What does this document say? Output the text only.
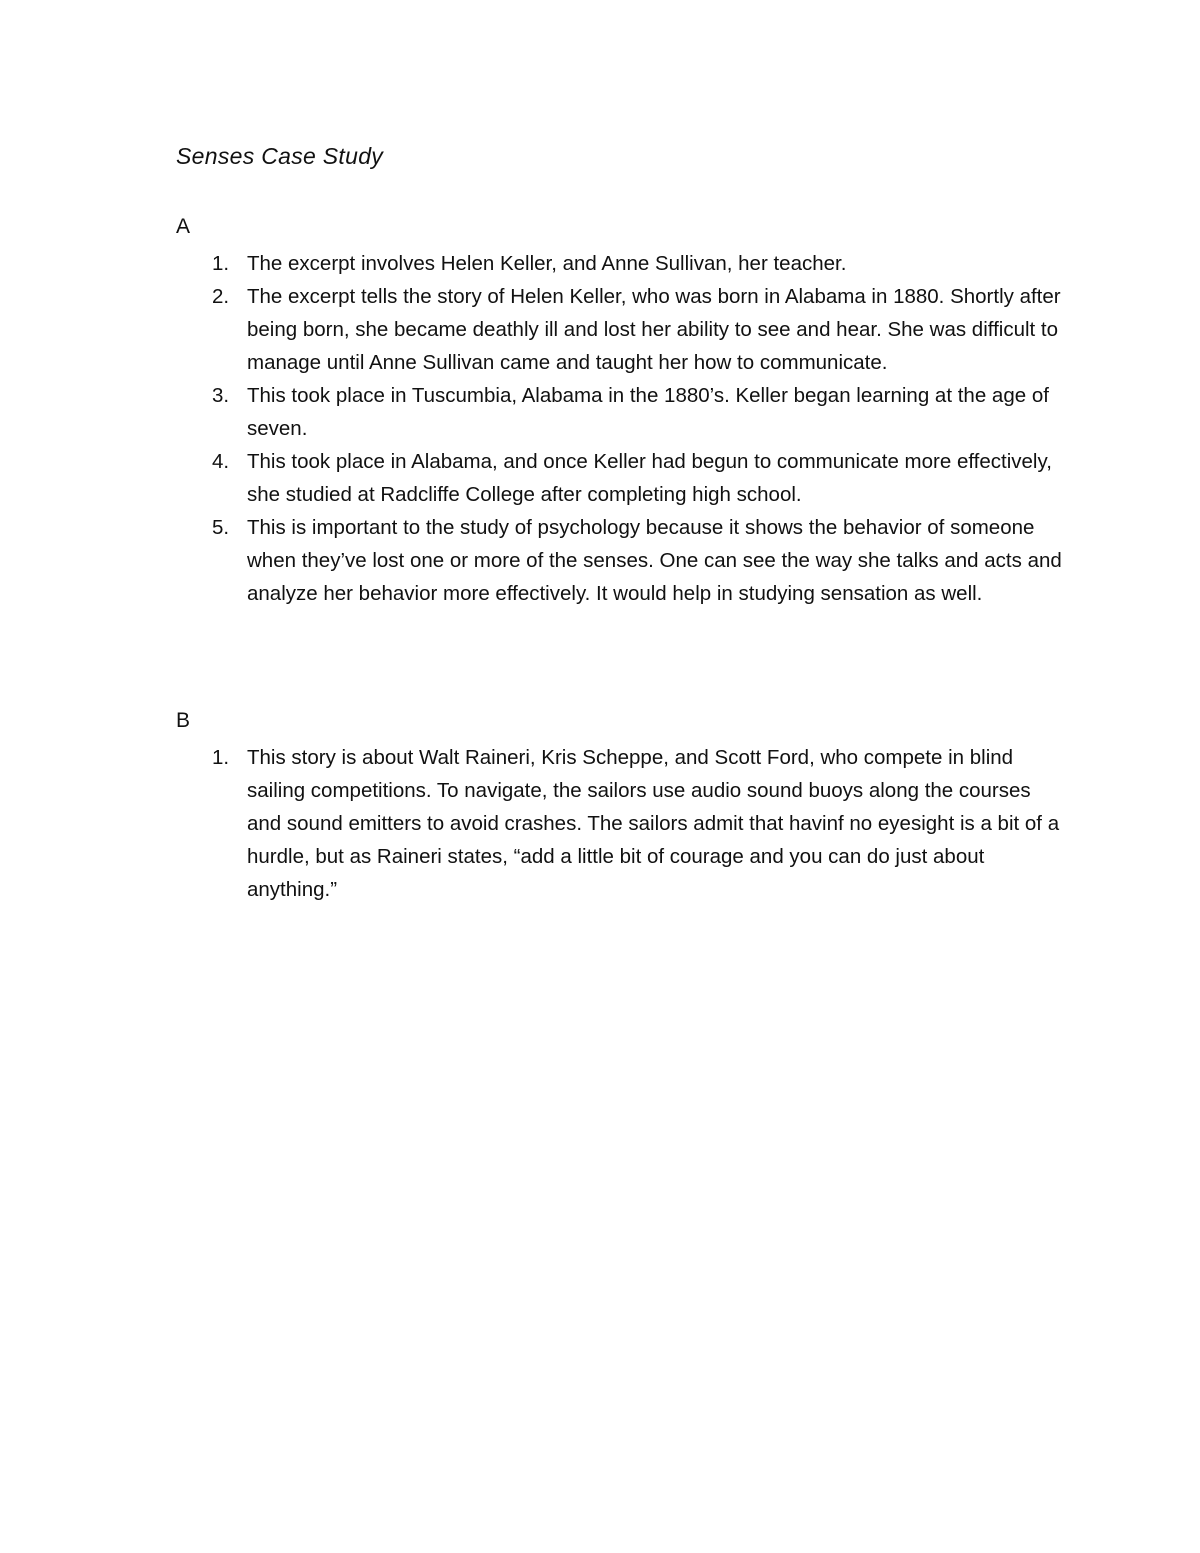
Senses Case Study
A
1. The excerpt involves Helen Keller, and Anne Sullivan, her teacher.
2. The excerpt tells the story of Helen Keller, who was born in Alabama in 1880. Shortly after being born, she became deathly ill and lost her ability to see and hear. She was difficult to manage until Anne Sullivan came and taught her how to communicate.
3. This took place in Tuscumbia, Alabama in the 1880’s. Keller began learning at the age of seven.
4. This took place in Alabama, and once Keller had begun to communicate more effectively, she studied at Radcliffe College after completing high school.
5. This is important to the study of psychology because it shows the behavior of someone when they’ve lost one or more of the senses. One can see the way she talks and acts and analyze her behavior more effectively. It would help in studying sensation as well.
B
1. This story is about Walt Raineri, Kris Scheppe, and Scott Ford, who compete in blind sailing competitions. To navigate, the sailors use audio sound buoys along the courses and sound emitters to avoid crashes. The sailors admit that havinf no eyesight is a bit of a hurdle, but as Raineri states, “add a little bit of courage and you can do just about anything.”
